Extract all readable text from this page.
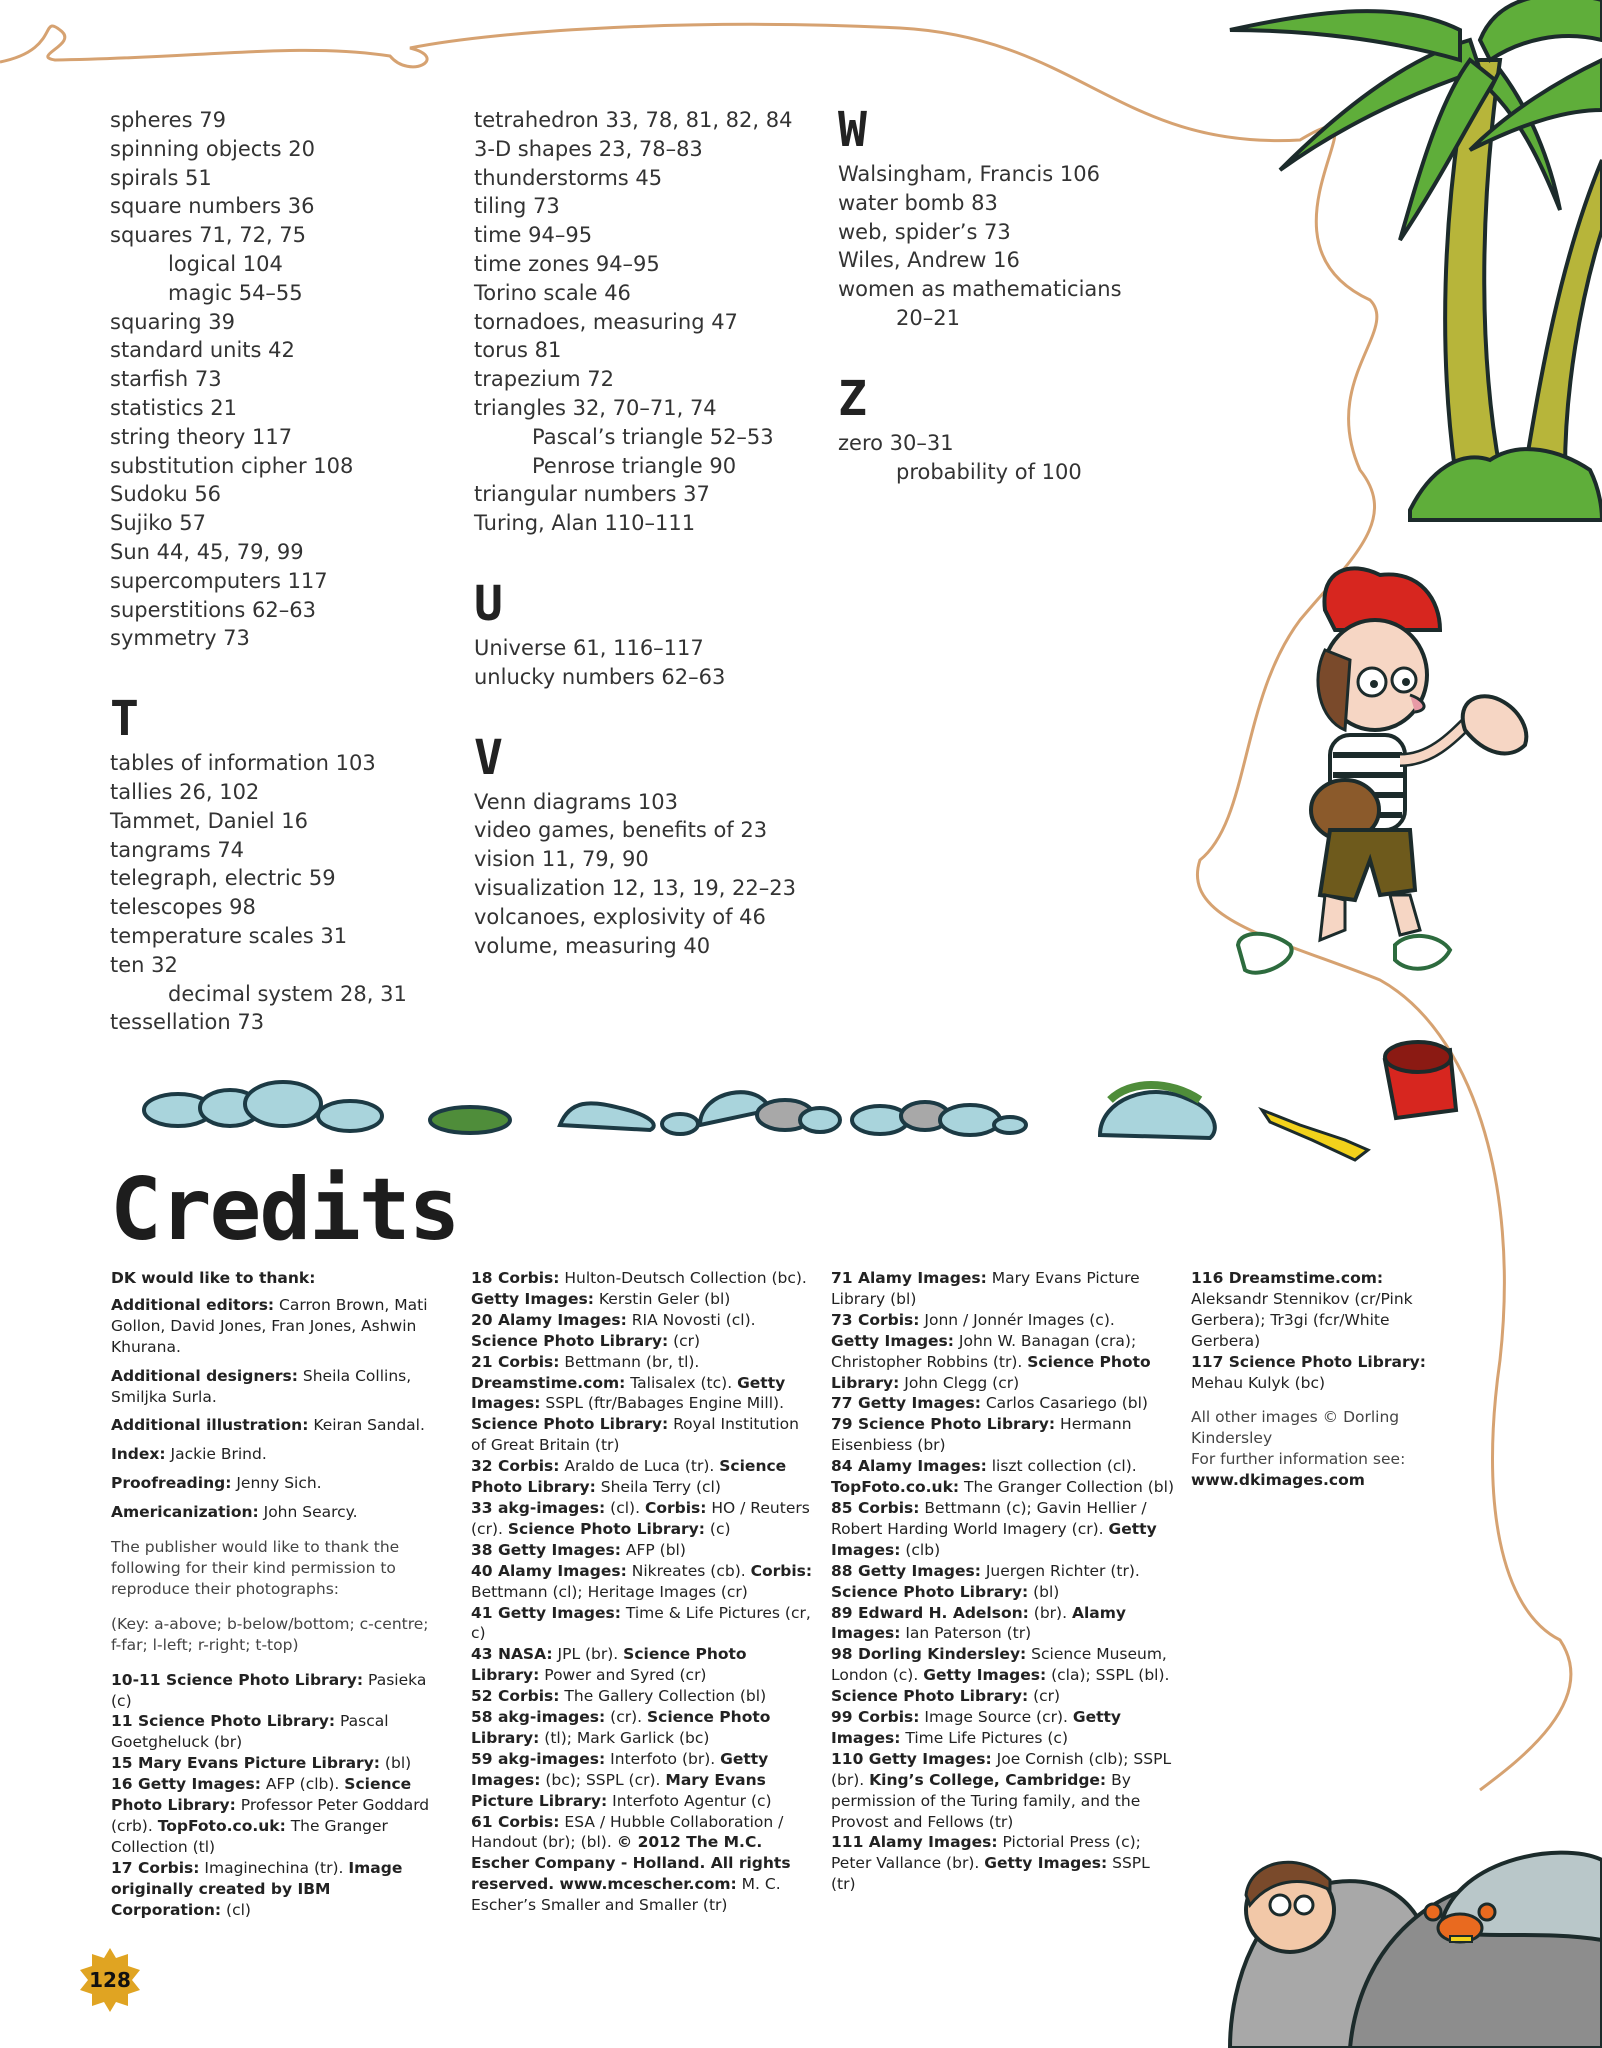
spheres 79
spinning objects 20
spirals 51
square numbers 36
squares 71, 72, 75
logical 104
magic 54–55
squaring 39
standard units 42
starfish 73
statistics 21
string theory 117
substitution cipher 108
Sudoku 56
Sujiko 57
Sun 44, 45, 79, 99
supercomputers 117
superstitions 62–63
symmetry 73
T
tables of information 103
tallies 26, 102
Tammet, Daniel 16
tangrams 74
telegraph, electric 59
telescopes 98
temperature scales 31
ten 32
decimal system 28, 31
tessellation 73
tetrahedron 33, 78, 81, 82, 84
3-D shapes 23, 78–83
thunderstorms 45
tiling 73
time 94–95
time zones 94–95
Torino scale 46
tornadoes, measuring 47
torus 81
trapezium 72
triangles 32, 70–71, 74
Pascal’s triangle 52–53
Penrose triangle 90
triangular numbers 37
Turing, Alan 110–111
U
Universe 61, 116–117
unlucky numbers 62–63
V
Venn diagrams 103
video games, benefits of 23
vision 11, 79, 90
visualization 12, 13, 19, 22–23
volcanoes, explosivity of 46
volume, measuring 40
W
Walsingham, Francis 106
water bomb 83
web, spider’s 73
Wiles, Andrew 16
women as mathematicians
20–21
Z
zero 30–31
probability of 100
Credits

DK would like to thank:

Additional editors: Carron Brown, Mati Gollon, David Jones, Fran Jones, Ashwin Khurana.

Additional designers: Sheila Collins, Smiljka Surla.

Additional illustration: Keiran Sandal.

Index: Jackie Brind.

Proofreading: Jenny Sich.

Americanization: John Searcy.

The publisher would like to thank the following for their kind permission to reproduce their photographs:

(Key: a-above; b-below/bottom; c-centre; f-far; l-left; r-right; t-top)

10-11 Science Photo Library: Pasieka (c)

11 Science Photo Library: Pascal Goetgheluck (br)

15 Mary Evans Picture Library: (bl)

16 Getty Images: AFP (clb). Science Photo Library: Professor Peter Goddard (crb). TopFoto.co.uk: The Granger Collection (tl)

17 Corbis: Imaginechina (tr). Image originally created by IBM Corporation: (cl)

18 Corbis: Hulton-Deutsch Collection (bc). Getty Images: Kerstin Geler (bl)

20 Alamy Images: RIA Novosti (cl).

Science Photo Library: (cr)

21 Corbis: Bettmann (br, tl). Dreamstime.com: Talisalex (tc). Getty Images: SSPL (ftr/Babages Engine Mill). Science Photo Library: Royal Institution of Great Britain (tr)

32 Corbis: Araldo de Luca (tr). Science Photo Library: Sheila Terry (cl)

33 akg-images: (cl). Corbis: HO / Reuters (cr). Science Photo Library: (c)

38 Getty Images: AFP (bl)

40 Alamy Images: Nikreates (cb). Corbis: Bettmann (cl); Heritage Images (cr)

41 Getty Images: Time & Life Pictures (cr, c)

43 NASA: JPL (br). Science Photo Library: Power and Syred (cr)

52 Corbis: The Gallery Collection (bl)

58 akg-images: (cr). Science Photo Library: (tl); Mark Garlick (bc)

59 akg-images: Interfoto (br). Getty Images: (bc); SSPL (cr). Mary Evans Picture Library: Interfoto Agentur (c)

61 Corbis: ESA / Hubble Collaboration / Handout (br); (bl). © 2012 The M.C. Escher Company - Holland. All rights reserved. www.mcescher.com: M. C. Escher’s Smaller and Smaller (tr)

71 Alamy Images: Mary Evans Picture Library (bl)

73 Corbis: Jonn / Jonnér Images (c).

Getty Images: John W. Banagan (cra); Christopher Robbins (tr). Science Photo Library: John Clegg (cr)

77 Getty Images: Carlos Casariego (bl)

79 Science Photo Library: Hermann Eisenbiess (br)

84 Alamy Images: liszt collection (cl).

TopFoto.co.uk: The Granger Collection (bl)

85 Corbis: Bettmann (c); Gavin Hellier / Robert Harding World Imagery (cr). Getty Images: (clb)

88 Getty Images: Juergen Richter (tr).

Science Photo Library: (bl)

89 Edward H. Adelson: (br). Alamy Images: Ian Paterson (tr)

98 Dorling Kindersley: Science Museum, London (c). Getty Images: (cla); SSPL (bl). Science Photo Library: (cr)

99 Corbis: Image Source (cr). Getty Images: Time Life Pictures (c)

110 Getty Images: Joe Cornish (clb); SSPL (br). King’s College, Cambridge: By permission of the Turing family, and the Provost and Fellows (tr)

111 Alamy Images: Pictorial Press (c); Peter Vallance (br). Getty Images: SSPL (tr)

116 Dreamstime.com: Aleksandr Stennikov (cr/Pink Gerbera); Tr3gi (fcr/White Gerbera)

117 Science Photo Library: Mehau Kulyk (bc)

All other images © Dorling Kindersley

For further information see:

www.dkimages.com

128
